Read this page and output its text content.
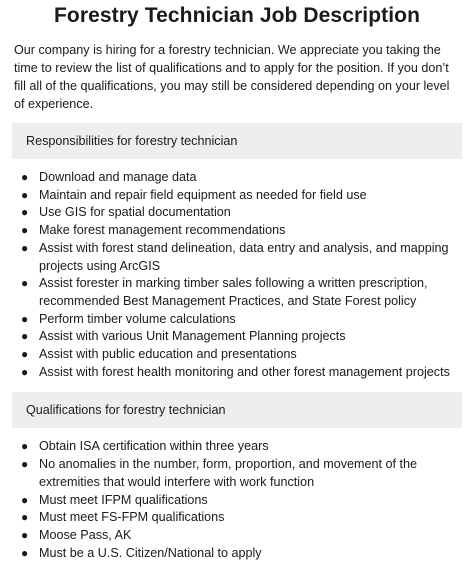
Forestry Technician Job Description

Our company is hiring for a forestry technician. We appreciate you taking the time to review the list of qualifications and to apply for the position. If you don’t fill all of the qualifications, you may still be considered depending on your level of experience.

Responsibilities for forestry technician
● Download and manage data
● Maintain and repair field equipment as needed for field use
● Use GIS for spatial documentation
● Make forest management recommendations
● Assist with forest stand delineation, data entry and analysis, and mapping projects using ArcGIS
● Assist forester in marking timber sales following a written prescription, recommended Best Management Practices, and State Forest policy
● Perform timber volume calculations
● Assist with various Unit Management Planning projects
● Assist with public education and presentations
● Assist with forest health monitoring and other forest management projects
Qualifications for forestry technician
● Obtain ISA certification within three years
● No anomalies in the number, form, proportion, and movement of the extremities that would interfere with work function
● Must meet IFPM qualifications
● Must meet FS-FPM qualifications
● Moose Pass, AK
● Must be a U.S. Citizen/National to apply
